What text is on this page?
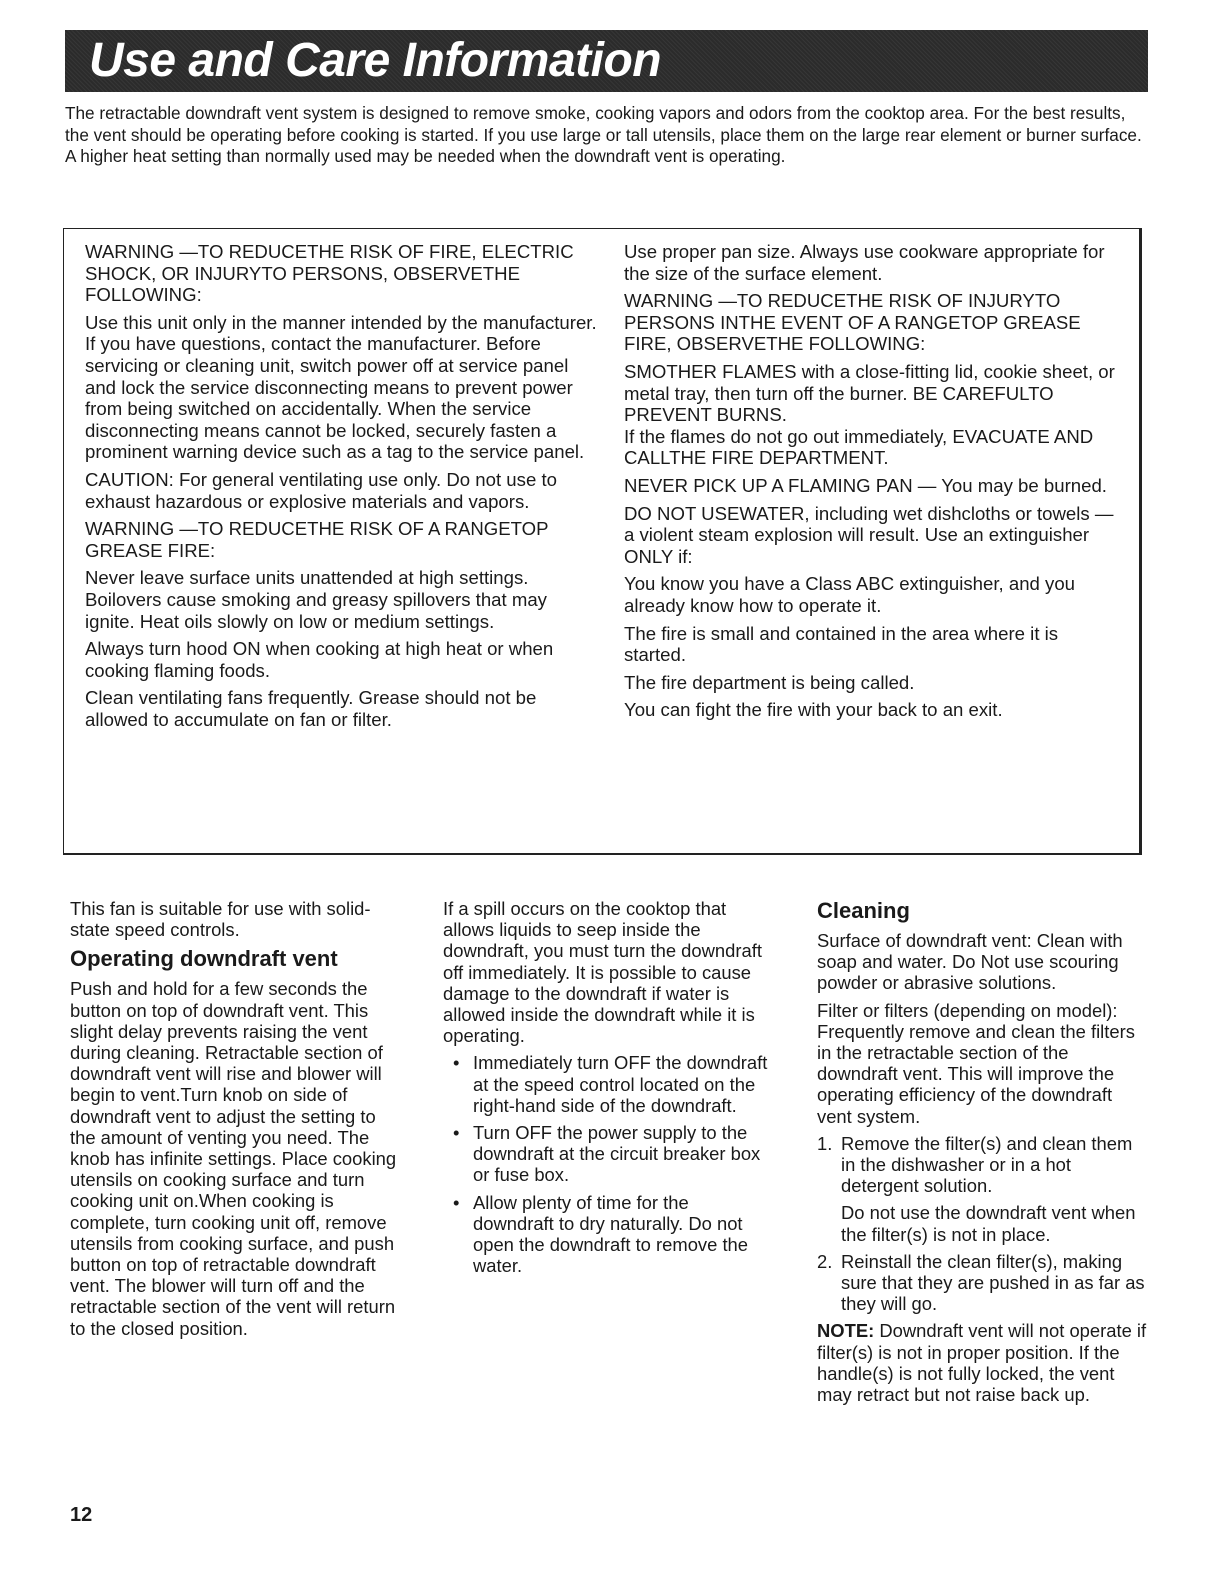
Use and Care Information

The retractable downdraft vent system is designed to remove smoke, cooking vapors and odors from the cooktop area. For the best results, the vent should be operating before cooking is started. If you use large or tall utensils, place them on the large rear element or burner surface. A higher heat setting than normally used may be needed when the downdraft vent is operating.

WARNING —TO REDUCETHE RISK OF FIRE, ELECTRIC SHOCK, OR INJURYTO PERSONS, OBSERVETHE FOLLOWING:

Use this unit only in the manner intended by the manufacturer. If you have questions, contact the manufacturer. Before servicing or cleaning unit, switch power off at service panel and lock the service disconnecting means to prevent power from being switched on accidentally. When the service disconnecting means cannot be locked, securely fasten a prominent warning device such as a tag to the service panel.

CAUTION: For general ventilating use only. Do not use to exhaust hazardous or explosive materials and vapors.

WARNING —TO REDUCETHE RISK OF A RANGETOP GREASE FIRE:

Never leave surface units unattended at high settings. Boilovers cause smoking and greasy spillovers that may ignite. Heat oils slowly on low or medium settings.

Always turn hood ON when cooking at high heat or when cooking flaming foods.

Clean ventilating fans frequently. Grease should not be allowed to accumulate on fan or filter.

Use proper pan size. Always use cookware appropriate for the size of the surface element.

WARNING —TO REDUCETHE RISK OF INJURYTO PERSONS INTHE EVENT OF A RANGETOP GREASE FIRE, OBSERVETHE FOLLOWING:

SMOTHER FLAMES with a close-fitting lid, cookie sheet, or metal tray, then turn off the burner. BE CAREFULTO PREVENT BURNS.

If the flames do not go out immediately, EVACUATE AND CALLTHE FIRE DEPARTMENT.

NEVER PICK UP A FLAMING PAN — You may be burned.

DO NOT USEWATER, including wet dishcloths or towels — a violent steam explosion will result. Use an extinguisher ONLY if:

You know you have a Class ABC extinguisher, and you already know how to operate it.

The fire is small and contained in the area where it is started.

The fire department is being called.

You can fight the fire with your back to an exit.

This fan is suitable for use with solid-state speed controls.

Operating downdraft vent

Push and hold for a few seconds the button on top of downdraft vent. This slight delay prevents raising the vent during cleaning. Retractable section of downdraft vent will rise and blower will begin to vent.Turn knob on side of downdraft vent to adjust the setting to the amount of venting you need. The knob has infinite settings. Place cooking utensils on cooking surface and turn cooking unit on.When cooking is complete, turn cooking unit off, remove utensils from cooking surface, and push button on top of retractable downdraft vent. The blower will turn off and the retractable section of the vent will return to the closed position.

If a spill occurs on the cooktop that allows liquids to seep inside the downdraft, you must turn the downdraft off immediately. It is possible to cause damage to the downdraft if water is allowed inside the downdraft while it is operating.

• Immediately turn OFF the downdraft at the speed control located on the right-hand side of the downdraft.
• Turn OFF the power supply to the downdraft at the circuit breaker box or fuse box.
• Allow plenty of time for the downdraft to dry naturally. Do not open the downdraft to remove the water.
Cleaning

Surface of downdraft vent: Clean with soap and water. Do Not use scouring powder or abrasive solutions.

Filter or filters (depending on model): Frequently remove and clean the filters in the retractable section of the downdraft vent. This will improve the operating efficiency of the downdraft vent system.

1. Remove the filter(s) and clean them in the dishwasher or in a hot detergent solution.

Do not use the downdraft vent when the filter(s) is not in place.

2. Reinstall the clean filter(s), making sure that they are pushed in as far as they will go.

NOTE: Downdraft vent will not operate if filter(s) is not in proper position. If the handle(s) is not fully locked, the vent may retract but not raise back up.

12
